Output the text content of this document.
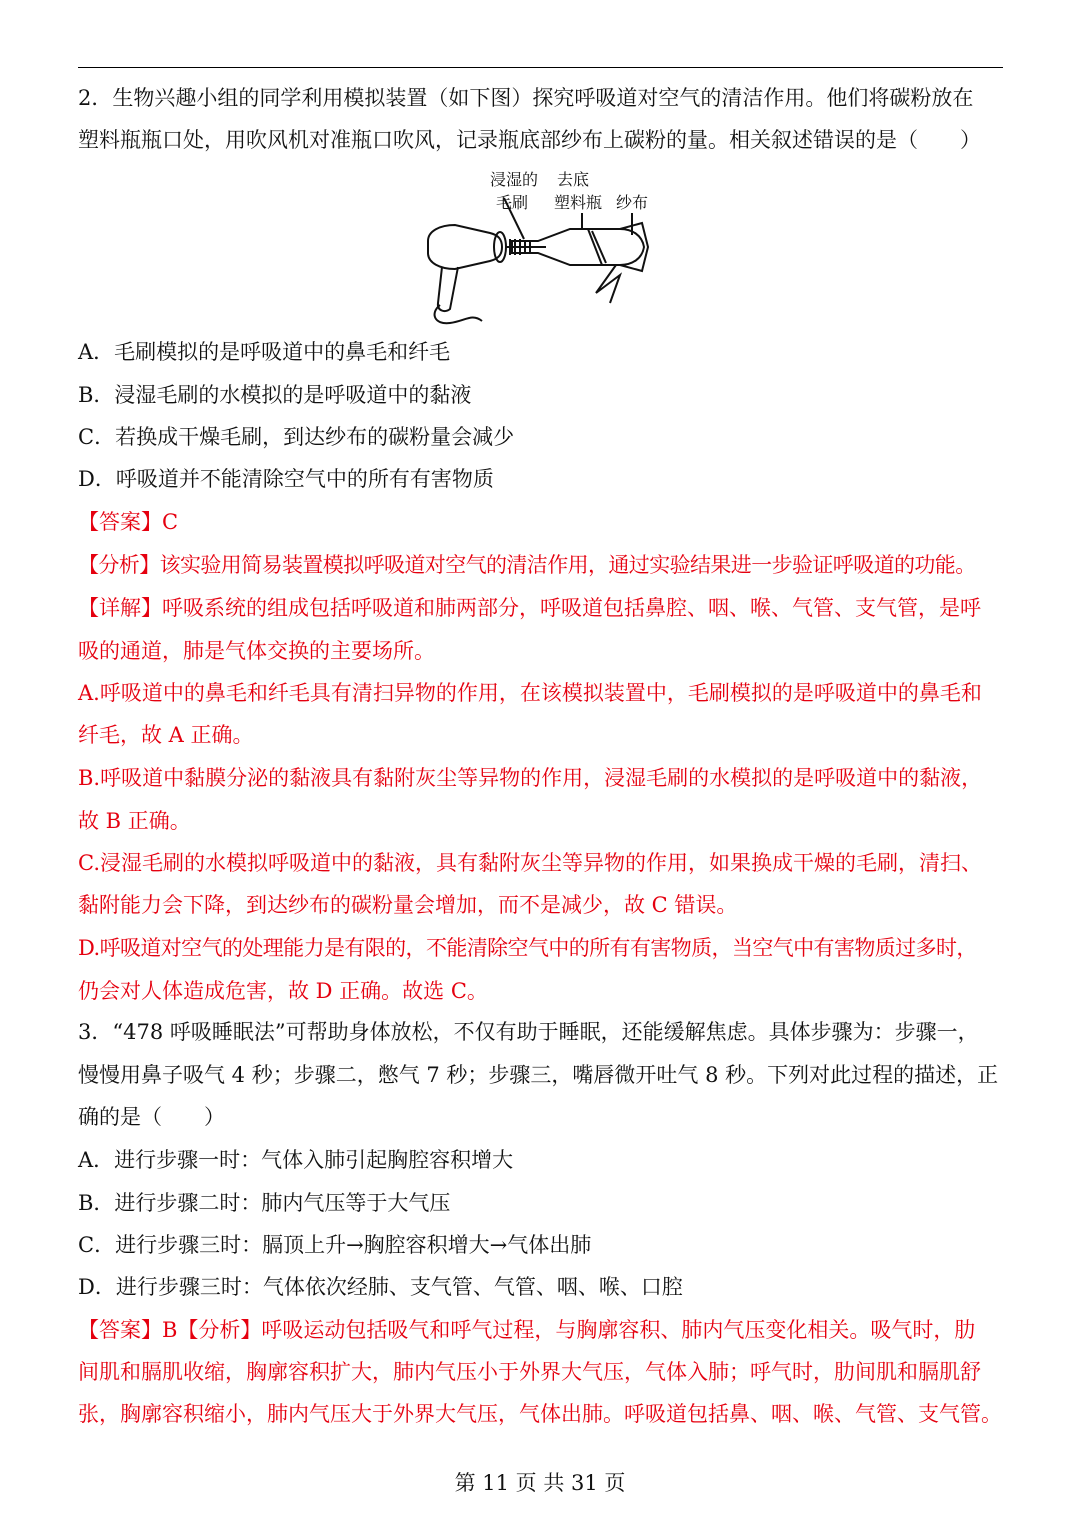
2．生物兴趣小组的同学利用模拟装置（如下图）探究呼吸道对空气的清洁作用。他们将碳粉放在
塑料瓶瓶口处，用吹风机对准瓶口吹风，记录瓶底部纱布上碳粉的量。相关叙述错误的是（　　）
浸湿的
毛刷
去底
塑料瓶 纱布
A．毛刷模拟的是呼吸道中的鼻毛和纤毛
B．浸湿毛刷的水模拟的是呼吸道中的黏液
C．若换成干燥毛刷，到达纱布的碳粉量会减少
D．呼吸道并不能清除空气中的所有有害物质
【答案】C
【分析】该实验用简易装置模拟呼吸道对空气的清洁作用，通过实验结果进一步验证呼吸道的功能。
【详解】呼吸系统的组成包括呼吸道和肺两部分，呼吸道包括鼻腔、咽、喉、气管、支气管，是呼
吸的通道，肺是气体交换的主要场所。
A.呼吸道中的鼻毛和纤毛具有清扫异物的作用，在该模拟装置中，毛刷模拟的是呼吸道中的鼻毛和
纤毛，故 A 正确。
B.呼吸道中黏膜分泌的黏液具有黏附灰尘等异物的作用，浸湿毛刷的水模拟的是呼吸道中的黏液，
故 B 正确。
C.浸湿毛刷的水模拟呼吸道中的黏液，具有黏附灰尘等异物的作用，如果换成干燥的毛刷，清扫、
黏附能力会下降，到达纱布的碳粉量会增加，而不是减少，故 C 错误。
D.呼吸道对空气的处理能力是有限的，不能清除空气中的所有有害物质，当空气中有害物质过多时，
仍会对人体造成危害，故 D 正确。故选 C。
3．“478 呼吸睡眠法”可帮助身体放松，不仅有助于睡眠，还能缓解焦虑。具体步骤为：步骤一，
慢慢用鼻子吸气 4 秒；步骤二，憋气 7 秒；步骤三，嘴唇微开吐气 8 秒。下列对此过程的描述，正
确的是（　　）
A．进行步骤一时：气体入肺引起胸腔容积增大
B．进行步骤二时：肺内气压等于大气压
C．进行步骤三时：膈顶上升→胸腔容积增大→气体出肺
D．进行步骤三时：气体依次经肺、支气管、气管、咽、喉、口腔
【答案】B【分析】呼吸运动包括吸气和呼气过程，与胸廓容积、肺内气压变化相关。吸气时，肋
间肌和膈肌收缩，胸廓容积扩大，肺内气压小于外界大气压，气体入肺；呼气时，肋间肌和膈肌舒
张，胸廓容积缩小，肺内气压大于外界大气压，气体出肺。呼吸道包括鼻、咽、喉、气管、支气管。
第 11 页 共 31 页
